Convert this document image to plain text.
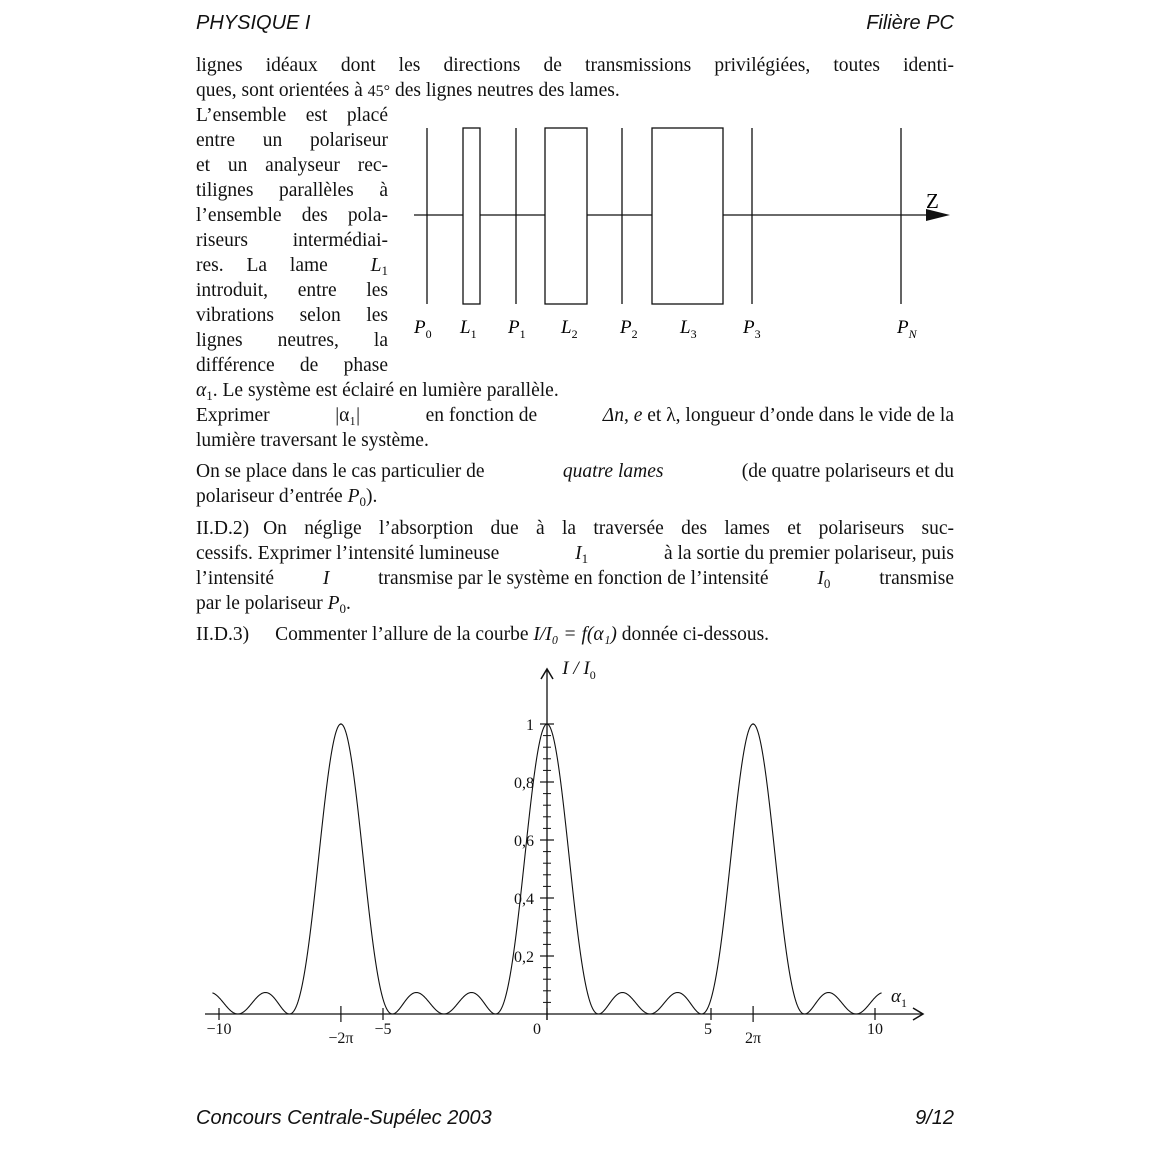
PHYSIQUE I	Filière PC
Concours Centrale-Supélec 2003	9/12
lignes idéaux dont les directions de transmissions privilégiées, toutes identi-
ques, sont orientées à 45° des lignes neutres des lames.
L’ensemble est placé
entre un polariseur
et un analyseur rec-
tilignes parallèles à
l’ensemble des pola-
riseurs intermédiai-
res. La lame $L_1$
introduit, entre les
vibrations selon les
lignes neutres, la
différence de phase
Z
$P_0$ $L_1$ $P_1$ $L_2$ $P_2$ $L_3$ $P_3$	$P_N$
$\alpha_1$. Le système est éclairé en lumière parallèle.
Exprimer	|α₁|	en fonction de	Δn, e et λ, longueur d’onde dans le vide de la
lumière traversant le système.
On se place dans le cas particulier de	quatre lames	(de quatre polariseurs et du
polariseur d’entrée $P_0$).
II.D.2) On néglige l’absorption due à la traversée des lames et polariseurs suc-
cessifs. Exprimer l’intensité lumineuse	$I_1$	à la sortie du premier polariseur, puis
l’intensité	I	transmise par le système en fonction de l’intensité	$I_0$	transmise
par le polariseur $P_0$.
II.D.3) Commenter l’allure de la courbe I/I₀ = f(α₁) donnée ci-dessous.
0,2
0,4
0,6
0,8
1
−10	−5	0	5	10
−2π	2π
I / $I_0$
$\alpha_1$
